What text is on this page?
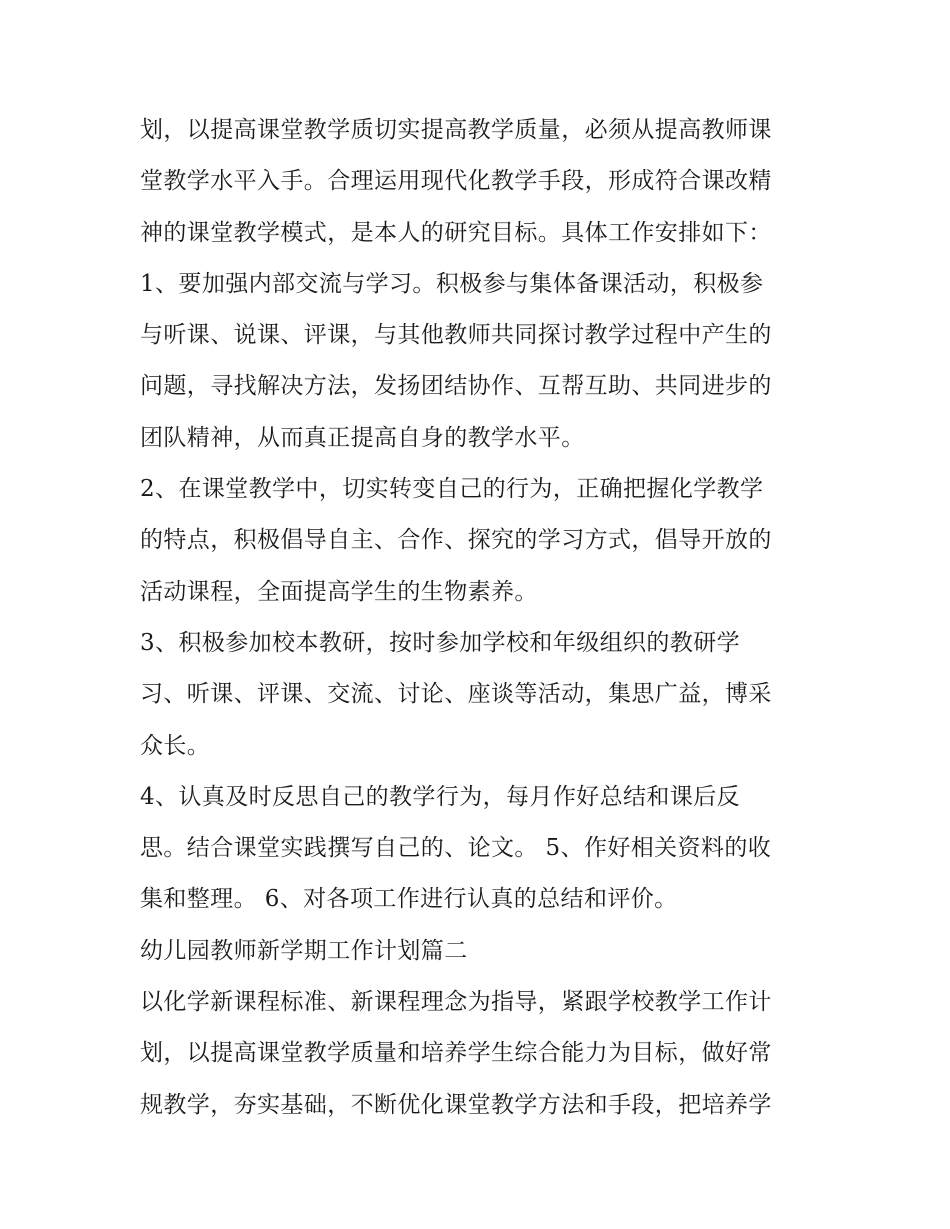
划，以提高课堂教学质切实提高教学质量，必须从提高教师课
堂教学水平入手。合理运用现代化教学手段，形成符合课改精
神的课堂教学模式，是本人的研究目标。具体工作安排如下：
1、要加强内部交流与学习。积极参与集体备课活动，积极参
与听课、说课、评课，与其他教师共同探讨教学过程中产生的
问题，寻找解决方法，发扬团结协作、互帮互助、共同进步的
团队精神，从而真正提高自身的教学水平。
2、在课堂教学中，切实转变自己的行为，正确把握化学教学
的特点，积极倡导自主、合作、探究的学习方式，倡导开放的
活动课程，全面提高学生的生物素养。
3、积极参加校本教研，按时参加学校和年级组织的教研学
习、听课、评课、交流、讨论、座谈等活动，集思广益，博采
众长。
4、认真及时反思自己的教学行为，每月作好总结和课后反
思。结合课堂实践撰写自己的、论文。 5、作好相关资料的收
集和整理。 6、对各项工作进行认真的总结和评价。
幼儿园教师新学期工作计划篇二
以化学新课程标准、新课程理念为指导，紧跟学校教学工作计
划，以提高课堂教学质量和培养学生综合能力为目标，做好常
规教学，夯实基础，不断优化课堂教学方法和手段，把培养学
